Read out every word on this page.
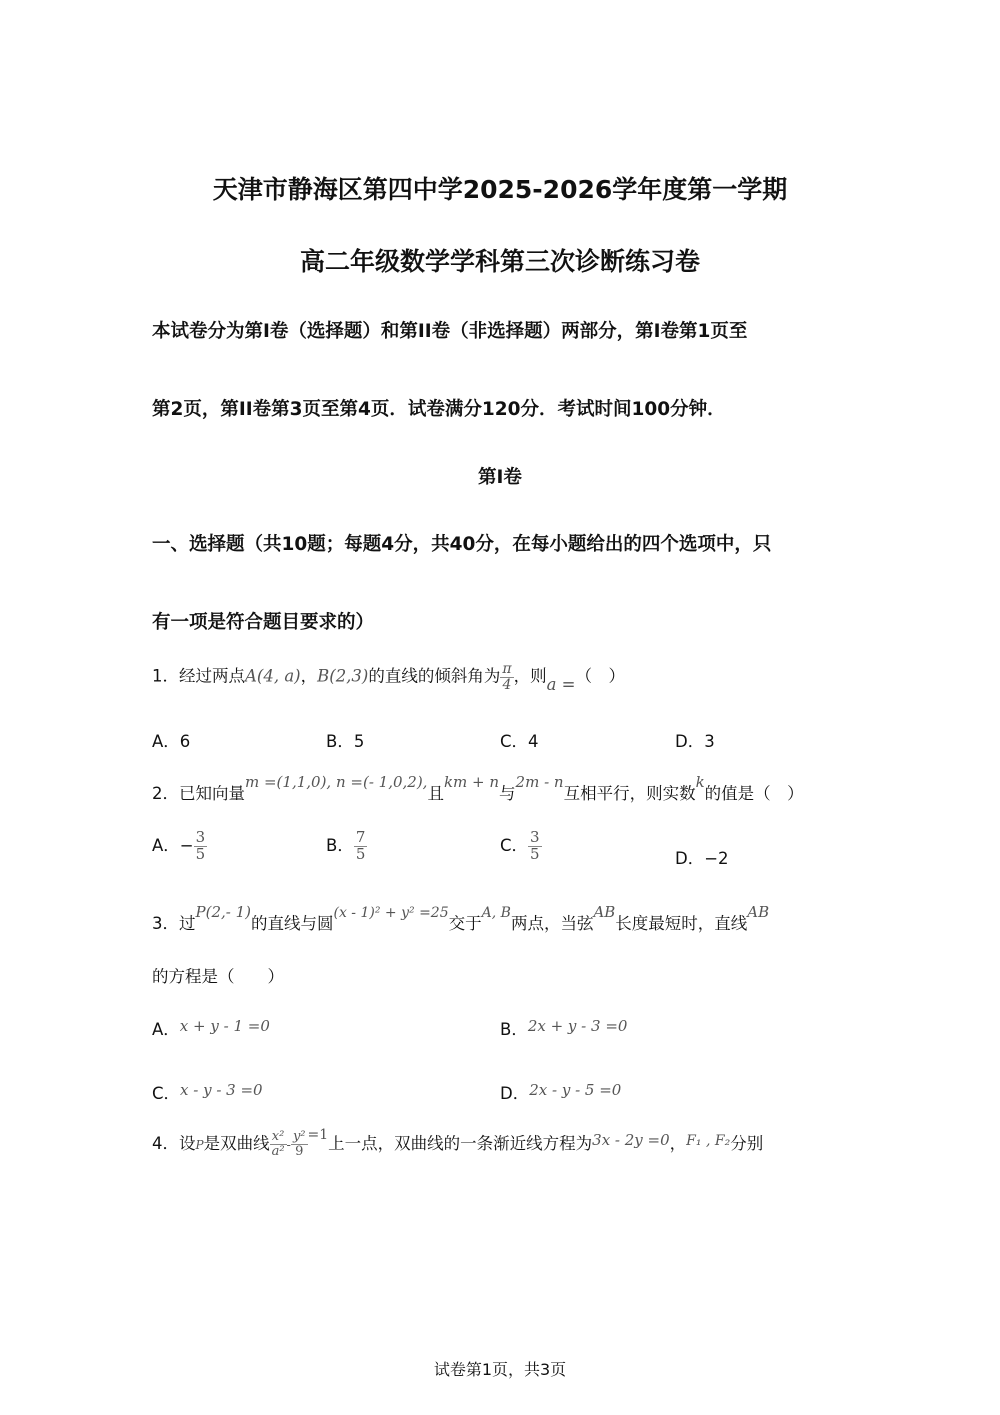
天津市静海区第四中学2025-2026学年度第一学期
高二年级数学学科第三次诊断练习卷
本试卷分为第I卷（选择题）和第II卷（非选择题）两部分，第I卷第1页至
第2页，第II卷第3页至第4页．试卷满分120分．考试时间100分钟．
第I卷
一、选择题（共10题；每题4分，共40分，在每小题给出的四个选项中，只
有一项是符合题目要求的）
1．经过两点A(4, a)，B(2,3)的直线的倾斜角为 $\frac{\pi}{4}$ ，则a =（　）
A．6	B．5	C．4	D．3
2．已知向量m =(1,1,0), n =(- 1,0,2),且km + n与2m - n互相平行，则实数k的值是（　）
A．− $\frac{3}{5}$	B． $\frac{7}{5}$	C． $\frac{3}{5}$	D．−2
3．过P(2,- 1)的直线与圆(x - 1)² + y² =25交于A, B两点，当弦AB长度最短时，直线AB
的方程是（　　）
A．x + y - 1 =0	B．2x + y - 3 =0
C．x - y - 3 =0	D．2x - y - 5 =0
4．设P是双曲线 $\frac{\text{x²}}{\text{a²}} - \frac{\text{y²}}{9} ^{=1}$上一点，双曲线的一条渐近线方程为3x - 2y =0，$^{F_1 , F_2}$分别
试卷第1页，共3页
